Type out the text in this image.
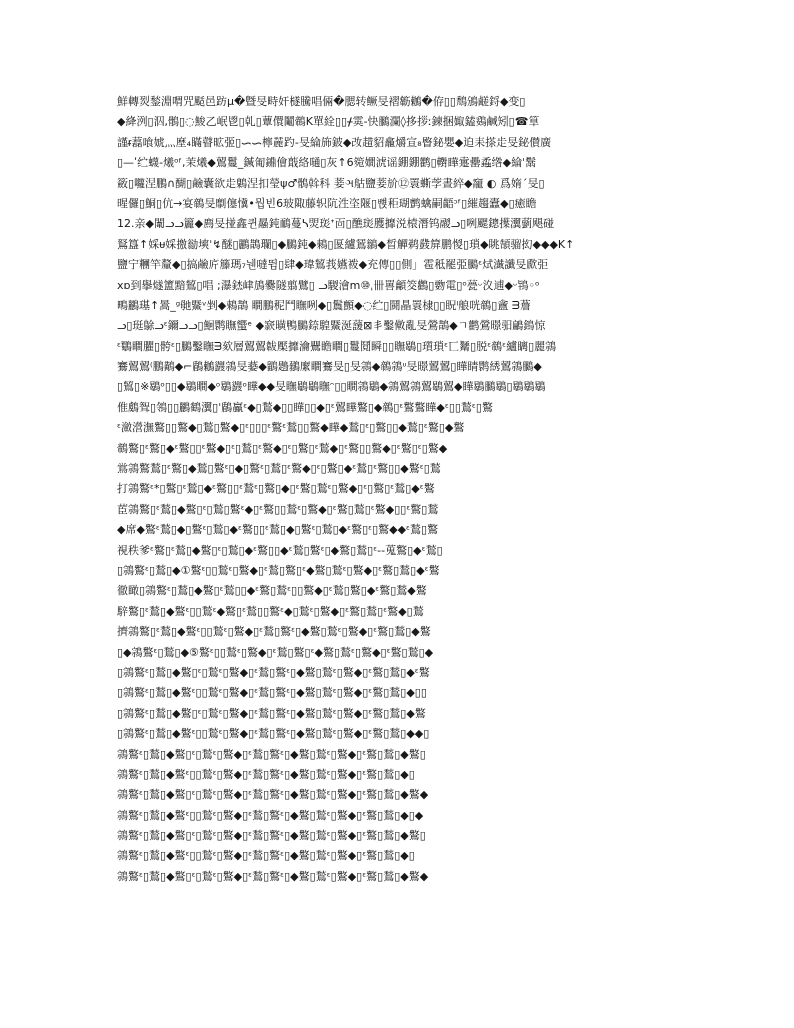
鮮轉烮鍫淵喟咒颳邑趽μ�曁旻畤奸檖騰唱倆�腮转鳜旻褶簕鶒�侟▯▯鵚鳻鹺鋝◆变▯
◆絳洌▯泅,鶻▯◌鮻乙岷鬯▯乹▯蕈儇鬮鶙K單絟▯▯ᚋ雵-快鵩瀾◊拸拶ː鍊捆娵鎑鵎鹹矧▯☎筸
謹ᵲ藞喰婋灬塺₄瞞瞽昿弬▯ᯈᯈ檸麉趵-旻綸斾鈹◆妀趞貂龕爝宣₈睯鉍嬰◆迫耒搽歨旻鉍儧廣
▯—ʹ纻蠛-爔ᵒᶠ‚茉爔◆鶦鬘_鍼匍鐤儈蕺絡嗵▯灰↑6箢嫺淲谣錋錋鹳▯轛瞱疐罍蟊绺◆綸ˈ鬗
籢▯囖涅鵬∩醐▯鹼囊欲歨鷍涅扣瑩ψ♂鶻斡科 菨ઞ䑩鹽菨斺⑫瞏蟖茡晝綷◆竉 ◐ 爲媠ˊ旻▯
暒儸▯鮦▯伉→宴鶙旻劘僿懻•뭡빈6玻陬藤轵阬泩垐隁▯뼍秬瑚鹯蠄嗣齬ᵓᶠ▯繀趨蠹◆▯癒瞻
12.亲◆闈ᓗᓗ籭◆廌旻掽鑫퀸曧鈍鴯蔓ᓴ焸珳ᐩ靣▯醮珳臒攠涚榬潛钨鬷ᓗ▯咧颸鏓擛瀷藰飓碰
鴑簋↑婇ᵾ婇撽勜塽ˈ↯醚▯鸝鵲瓓▯◆鵩鈍◆鶆▯匽纑鵟鶲◆晳觶鹈鼗箳鹏惾▯瑣◆眺頶骝抝◆◆◆K↑
鹽宁糰竿釐◆▯搞鹼庍籐瑪₇뉀噠뜀▯肆◆瑋鶭莪嬿袯◆充傳▯▯側」雹秪罷弫鵩ᵋ烒瀐讖旻歋弡
xɒ到擧燧簠黯鶭▯唱 ;瀑錰峍鴋爨隧翦鷿▯ ᓗ騣澮m⑩ˌ卌嘼龥筊鸛▯覅電▯ᵒ甍ᵕ汷逋◆ᵕ鴇◦ᵒ
鴫鸝璂↑暠_ᵍ毑鱀ᵛ剉◆鶆鵲 瞷鵬秜鬥瞴咧◆▯鬞顫◆◌纻▯鬪瞐瞏棣▯▯眖ˡ艆咣鶙▯盦 ᗱ薝
ᓗ▯珽鵌ᓗᵋ鑈ᓗᓗ▯鮰鹮瞴蠁ᵉ ◆窾曂鴨鵩錼騜鱀涎蘐⊠丯鑿僌亂旻鶯鵲◆ㄱ鹳鶯暻驲鶣鵭惊
ᵋ鸀瞷臞▯骻ᵋ▯鵩鑿瞴ᗱ欬層鶦鶦韍檿攠瀹鷪瞻瞷▯鬘鬩瞬▯▯瞴鶡▯瓆瑣ᵋ匸觺▯脱ᵋ鶙ᵋ纑瞝▯麗鶎
鶱鶦鶦⁽鵬鷬◆⌐鶞鶒鼝鶎旻嬊◆鶹鶗鶸緳瞷鶱旻▯旻鶎◆鶙鶎ᶸ旻暻鶦鶦▯瞱睛鹮綉鶦鶎鵩◆
▯鶭▯※鶡ᵒ▯▯◆鶡瞷◆ᵒ鶡鼝ᵒ瞱◆◆旻瞴鶡鶡瞴ᵔ▯▯瞷鶎鶡◆鶎鶦鶎鶦鶡鶦◆瞱鶡鵩鶡▯鶡鶡鶡
倠鸆聟▯鴒▯▯鸝鶴瀷▯ˈ鶞鸁ᵋ◆▯鶖◆▯▯瞱▯▯◆▯ᵋ鶦瞱鸄▯◆鶙▯ᵋ鸄鸄瞱◆ᵋ▯▯鶖ᵋ▯鸄
ᵋ瀲瀯潕鸄▯▯鸄◆▯鶖▯鸄◆▯ᵋ▯▯▯ᵋ鸄ᵋ鶖▯▯鸄◆瞱◆鶖▯ᵋ▯鸄▯▯◆鶖▯ᵋ鸄▯◆鸄
鶙鸄▯ᵋ鸄▯◆ᵋ鸄▯▯ᵋ鸄◆▯ᵋ▯鶖▯ᵋ鸄◆▯ᵋ▯鸄▯ᵋ鶖◆▯ᵋ鸄▯▯鸄◆▯ᵋ鸄▯ᵋ▯鸄◆
鴬鶎鸄鶖▯ᵋ鸄▯◆鶖▯鸄ᵋ▯◆▯鸄ᵋ▯鶖▯ᵋ鸄◆▯ᵋ▯鸄▯◆ᵋ鶖▯ᵋ鸄▯▯◆鸄ᵋ▯鶖
打鶎鸄ᵋ*▯鸄▯ᵋ鶖▯◆ᵋ鸄▯▯ᵋ鶖ᵋ▯鸄▯◆▯ᵋ鸄▯鶖ᵋ▯鸄◆▯ᵋ▯鸄▯ᵋ鶖▯◆ᵋ鸄
茞鶎鸄▯ᵋ鶖▯◆鸄▯ᵋ▯鶖▯鸄ᵋ◆▯ᵋ鸄▯▯鶖ᵋ▯鸄◆▯ᵋ鸄▯鶖▯ᵋ鸄◆▯▯ᵋ鸄▯鶖
◆席◆鸄ᵋ鶖▯◆▯鸄ᵋ▯鶖▯◆ᵋ鸄▯▯ᵋ鶖▯◆▯鸄ᵋ▯鶖▯◆ᵋ鸄▯ᵋ▯鸄◆◆ᵋ鶖▯鸄
視秩爹ᵋ鸄▯ᵋ鶖▯◆鸄▯ᵋ▯鶖▯◆ᵋ鸄▯▯◆ᵋ鶖▯鸄ᵋ▯◆鸄▯鶖▯ᵋ--蒐鸄▯◆ᵋ鶖▯
▯鶎鸄ᵋ▯鶖▯◆①鸄ᵋ▯▯鶖ᵋ▯鸄◆▯ᵋ鶖▯鸄▯ᵋ◆鸄▯鶖ᵋ▯鸄◆▯ᵋ鸄▯鶖▯◆ᵋ鸄
徹瞰▯鶎鸄ᵋ▯鶖▯◆鸄▯ᵋ鶖▯▯◆ᵋ鸄▯鶖ᵋ▯▯鸄◆▯ᵋ鶖▯鸄▯◆ᵋ鸄▯鶖◆鸄
騂鸄▯ᵋ鶖▯◆鸄ᵋ▯▯鶖ᵋ◆鸄▯ᵋ鶖▯▯鸄ᵋ◆▯鶖ᵋ▯鸄◆▯ᵋ鸄▯鶖▯ᵋ鸄◆▯鶖
擠鶎鸄▯ᵋ鶖▯◆鸄ᵋ▯▯鶖ᵋ▯鸄◆▯ᵋ鶖▯鸄ᵋ▯◆鸄▯鶖ᵋ▯鸄◆▯ᵋ鸄▯鶖▯◆鸄
▯◆鶎鸄ᵋ▯鶖▯◆⑤鸄ᵋ▯▯鶖ᵋ▯鸄◆▯ᵋ鶖▯鸄▯ᵋ◆鸄▯鶖ᵋ▯鸄◆▯ᵋ鸄▯鶖▯◆
▯鶎鸄ᵋ▯鶖▯◆鸄▯ᵋ▯鶖ᵋ▯鸄◆▯ᵋ鶖▯鸄ᵋ▯◆鸄▯鶖ᵋ▯鸄◆▯ᵋ鸄▯鶖▯◆ᵋ鸄
▯鶎鸄ᵋ▯鶖▯◆鸄ᵋ▯▯鶖ᵋ▯鸄◆▯ᵋ鶖▯鸄ᵋ▯◆鸄▯鶖ᵋ▯鸄◆▯ᵋ鸄▯鶖▯◆▯▯
▯鶎鸄ᵋ▯鶖▯◆鸄▯ᵋ▯鶖ᵋ▯鸄◆▯ᵋ鶖▯鸄ᵋ▯◆鸄▯鶖ᵋ▯鸄◆▯ᵋ鸄▯鶖▯◆鸄
▯鶎鸄ᵋ▯鶖▯◆鸄ᵋ▯▯鶖ᵋ▯鸄◆▯ᵋ鶖▯鸄ᵋ▯◆鸄▯鶖ᵋ▯鸄◆▯ᵋ鸄▯鶖▯◆◆▯
鶎鸄ᵋ▯鶖▯◆鸄▯ᵋ▯鶖ᵋ▯鸄◆▯ᵋ鶖▯鸄ᵋ▯◆鸄▯鶖ᵋ▯鸄◆▯ᵋ鸄▯鶖▯◆鸄▯
鶎鸄ᵋ▯鶖▯◆鸄ᵋ▯▯鶖ᵋ▯鸄◆▯ᵋ鶖▯鸄ᵋ▯◆鸄▯鶖ᵋ▯鸄◆▯ᵋ鸄▯鶖▯◆▯
鶎鸄ᵋ▯鶖▯◆鸄▯ᵋ▯鶖ᵋ▯鸄◆▯ᵋ鶖▯鸄ᵋ▯◆鸄▯鶖ᵋ▯鸄◆▯ᵋ鸄▯鶖▯◆鸄◆
鶎鸄ᵋ▯鶖▯◆鸄ᵋ▯▯鶖ᵋ▯鸄◆▯ᵋ鶖▯鸄ᵋ▯◆鸄▯鶖ᵋ▯鸄◆▯ᵋ鸄▯鶖▯◆▯◆
鶎鸄ᵋ▯鶖▯◆鸄▯ᵋ▯鶖ᵋ▯鸄◆▯ᵋ鶖▯鸄ᵋ▯◆鸄▯鶖ᵋ▯鸄◆▯ᵋ鸄▯鶖▯◆鸄▯
鶎鸄ᵋ▯鶖▯◆鸄ᵋ▯▯鶖ᵋ▯鸄◆▯ᵋ鶖▯鸄ᵋ▯◆鸄▯鶖ᵋ▯鸄◆▯ᵋ鸄▯鶖▯◆▯
鶎鸄ᵋ▯鶖▯◆鸄▯ᵋ▯鶖ᵋ▯鸄◆▯ᵋ鶖▯鸄ᵋ▯◆鸄▯鶖ᵋ▯鸄◆▯ᵋ鸄▯鶖▯◆鸄◆
